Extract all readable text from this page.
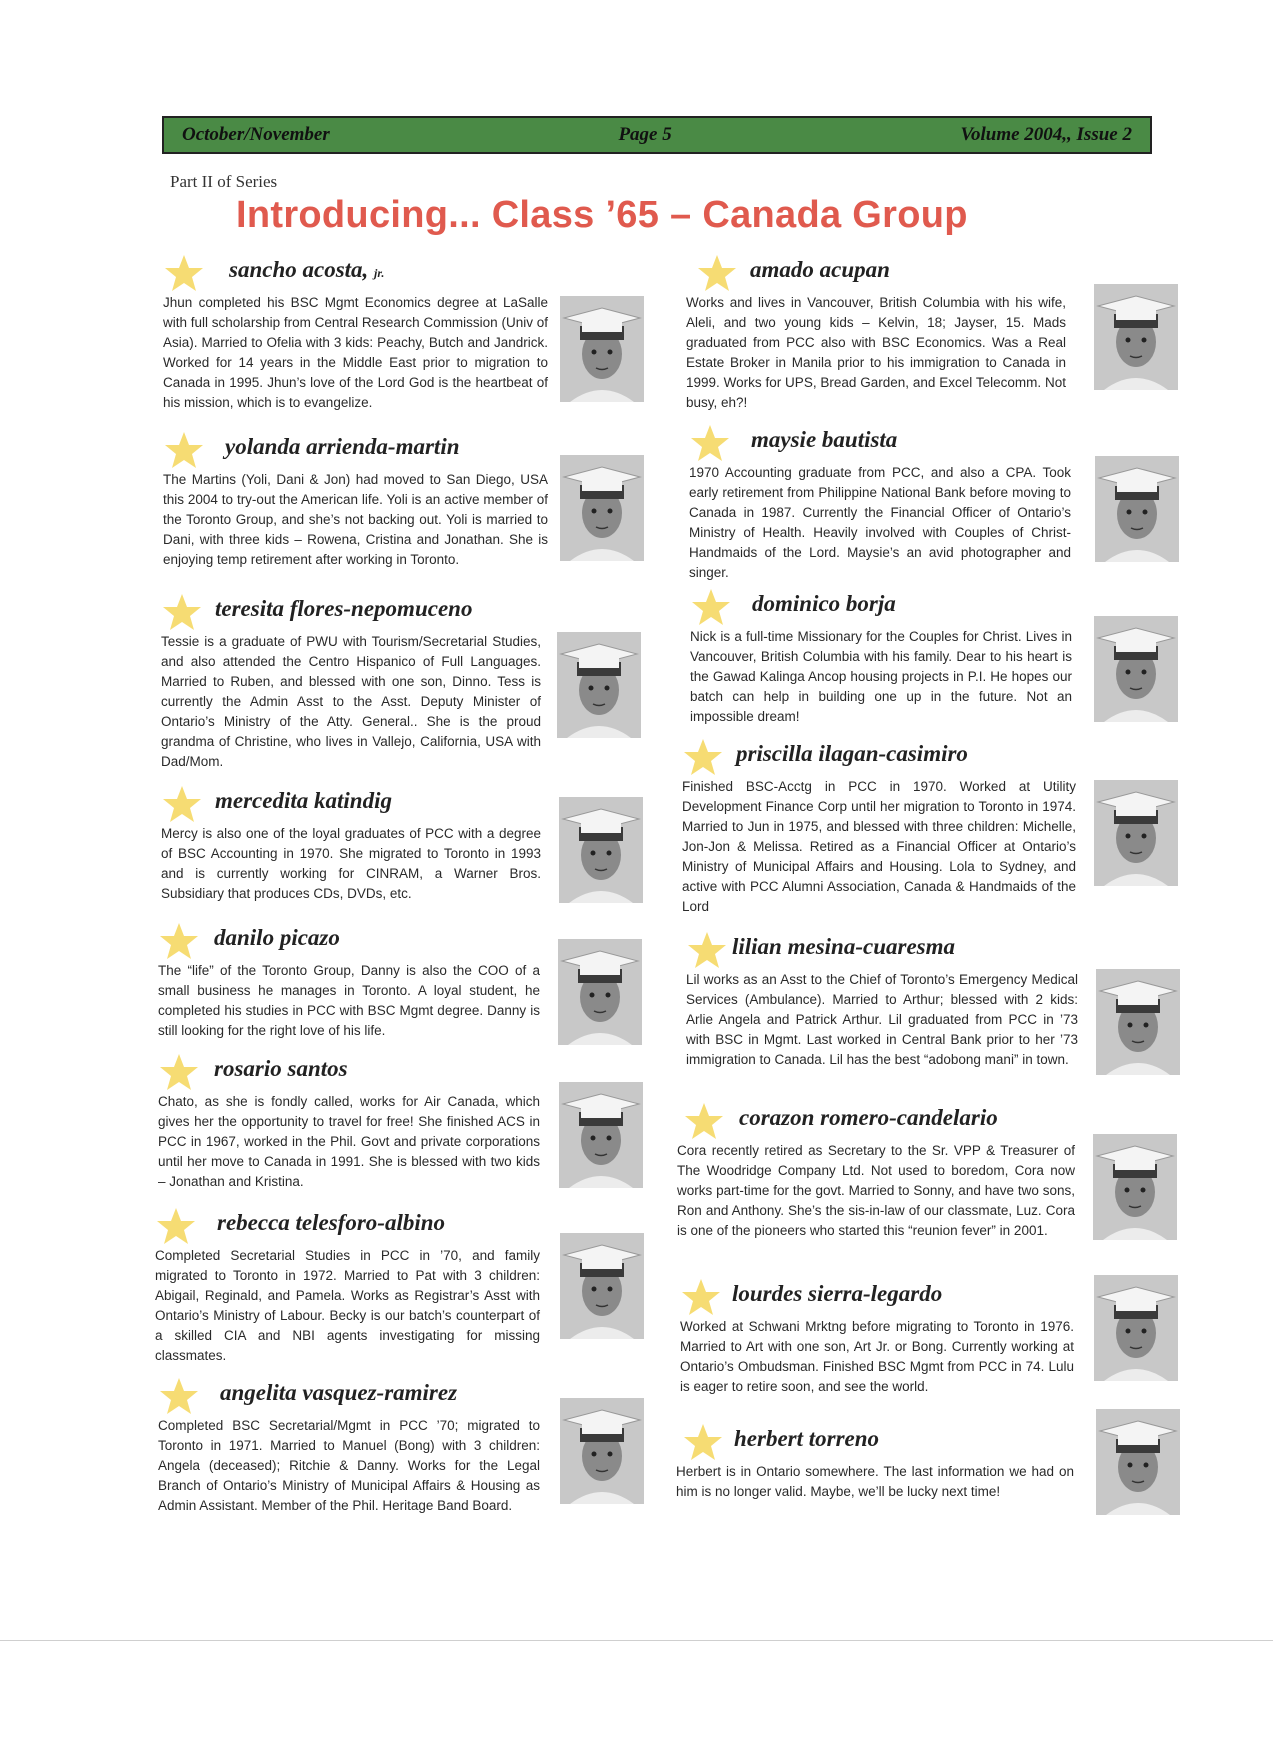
October/November	Page 5	Volume 2004,, Issue 2
Part II of Series
Introducing... Class ’65 – Canada Group
sancho acosta, jr.
Jhun completed his BSC Mgmt Economics degree at LaSalle with full scholarship from Central Research Commission (Univ of Asia). Married to Ofelia with 3 kids: Peachy, Butch and Jandrick. Worked for 14 years in the Middle East prior to migration to Canada in 1995. Jhun’s love of the Lord God is the heartbeat of his mission, which is to evangelize.
yolanda arrienda-martin
The Martins (Yoli, Dani & Jon) had moved to San Diego, USA this 2004 to try-out the American life. Yoli is an active member of the Toronto Group, and she’s not backing out. Yoli is married to Dani, with three kids – Rowena, Cristina and Jonathan. She is enjoying temp retirement after working in Toronto.
teresita flores-nepomuceno
Tessie is a graduate of PWU with Tourism/Secretarial Studies, and also attended the Centro Hispanico of Full Languages. Married to Ruben, and blessed with one son, Dinno. Tess is currently the Admin Asst to the Asst. Deputy Minister of Ontario’s Ministry of the Atty. General.. She is the proud grandma of Christine, who lives in Vallejo, California, USA with Dad/Mom.
mercedita katindig
Mercy is also one of the loyal graduates of PCC with a degree of BSC Accounting in 1970. She migrated to Toronto in 1993 and is currently working for CINRAM, a Warner Bros. Subsidiary that produces CDs, DVDs, etc.
danilo picazo
The “life” of the Toronto Group, Danny is also the COO of a small business he manages in Toronto. A loyal student, he completed his studies in PCC with BSC Mgmt degree. Danny is still looking for the right love of his life.
rosario santos
Chato, as she is fondly called, works for Air Canada, which gives her the opportunity to travel for free! She finished ACS in PCC in 1967, worked in the Phil. Govt and private corporations until her move to Canada in 1991. She is blessed with two kids – Jonathan and Kristina.
rebecca telesforo-albino
Completed Secretarial Studies in PCC in ’70, and family migrated to Toronto in 1972. Married to Pat with 3 children: Abigail, Reginald, and Pamela. Works as Registrar’s Asst with Ontario’s Ministry of Labour. Becky is our batch’s counterpart of a skilled CIA and NBI agents investigating for missing classmates.
angelita vasquez-ramirez
Completed BSC Secretarial/Mgmt in PCC ’70; migrated to Toronto in 1971. Married to Manuel (Bong) with 3 children: Angela (deceased); Ritchie & Danny. Works for the Legal Branch of Ontario’s Ministry of Municipal Affairs & Housing as Admin Assistant. Member of the Phil. Heritage Band Board.
amado acupan
Works and lives in Vancouver, British Columbia with his wife, Aleli, and two young kids – Kelvin, 18; Jayser, 15. Mads graduated from PCC also with BSC Economics. Was a Real Estate Broker in Manila prior to his immigration to Canada in 1999. Works for UPS, Bread Garden, and Excel Telecomm. Not busy, eh?!
maysie bautista
1970 Accounting graduate from PCC, and also a CPA. Took early retirement from Philippine National Bank before moving to Canada in 1987. Currently the Financial Officer of Ontario’s Ministry of Health. Heavily involved with Couples of Christ-Handmaids of the Lord. Maysie’s an avid photographer and singer.
dominico borja
Nick is a full-time Missionary for the Couples for Christ. Lives in Vancouver, British Columbia with his family. Dear to his heart is the Gawad Kalinga Ancop housing projects in P.I. He hopes our batch can help in building one up in the future. Not an impossible dream!
priscilla ilagan-casimiro
Finished BSC-Acctg in PCC in 1970. Worked at Utility Development Finance Corp until her migration to Toronto in 1974. Married to Jun in 1975, and blessed with three children: Michelle, Jon-Jon & Melissa. Retired as a Financial Officer at Ontario’s Ministry of Municipal Affairs and Housing. Lola to Sydney, and active with PCC Alumni Association, Canada & Handmaids of the Lord
lilian mesina-cuaresma
Lil works as an Asst to the Chief of Toronto’s Emergency Medical Services (Ambulance). Married to Arthur; blessed with 2 kids: Arlie Angela and Patrick Arthur. Lil graduated from PCC in ’73 with BSC in Mgmt. Last worked in Central Bank prior to her ’73 immigration to Canada. Lil has the best “adobong mani” in town.
corazon romero-candelario
Cora recently retired as Secretary to the Sr. VPP & Treasurer of The Woodridge Company Ltd. Not used to boredom, Cora now works part-time for the govt. Married to Sonny, and have two sons, Ron and Anthony. She’s the sis-in-law of our classmate, Luz. Cora is one of the pioneers who started this “reunion fever” in 2001.
lourdes sierra-legardo
Worked at Schwani Mrktng before migrating to Toronto in 1976. Married to Art with one son, Art Jr. or Bong. Currently working at Ontario’s Ombudsman. Finished BSC Mgmt from PCC in 74. Lulu is eager to retire soon, and see the world.
herbert torreno
Herbert is in Ontario somewhere. The last information we had on him is no longer valid. Maybe, we’ll be lucky next time!
